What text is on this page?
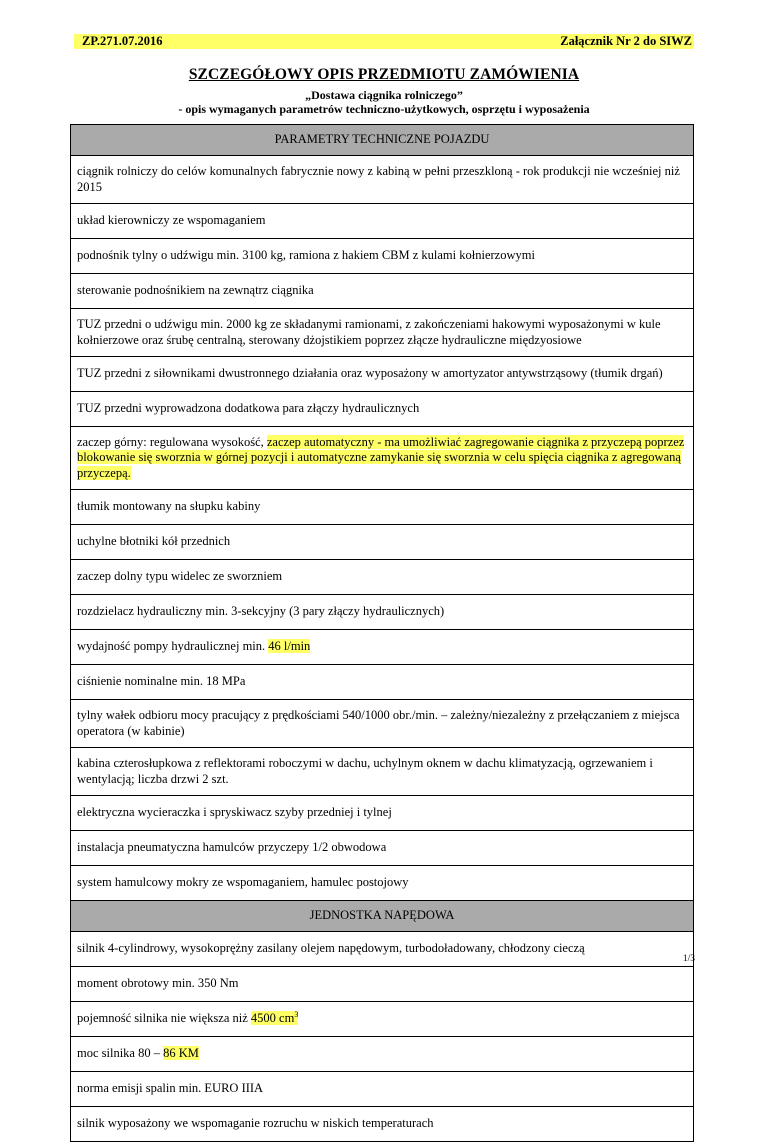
ZP.271.07.2016	Załącznik Nr 2 do SIWZ
SZCZEGÓŁOWY OPIS PRZEDMIOTU ZAMÓWIENIA
„Dostawa ciągnika rolniczego”
- opis wymaganych parametrów techniczno-użytkowych, osprzętu i wyposażenia
PARAMETRY TECHNICZNE POJAZDU
ciągnik rolniczy do celów komunalnych fabrycznie nowy z kabiną w pełni przeszkloną - rok produkcji nie wcześniej niż 2015
układ kierowniczy ze wspomaganiem
podnośnik tylny o udźwigu min. 3100 kg, ramiona z hakiem CBM z kulami kołnierzowymi
sterowanie podnośnikiem na zewnątrz ciągnika
TUZ przedni o udźwigu min. 2000 kg ze składanymi ramionami, z zakończeniami hakowymi wyposażonymi w kule kołnierzowe oraz śrubę centralną, sterowany dżojstikiem poprzez złącze hydrauliczne międzyosiowe
TUZ przedni z siłownikami dwustronnego działania oraz wyposażony w amortyzator antywstrząsowy (tłumik drgań)
TUZ przedni wyprowadzona dodatkowa para złączy hydraulicznych
zaczep górny: regulowana wysokość, zaczep automatyczny - ma umożliwiać zagregowanie ciągnika z przyczepą poprzez blokowanie się sworznia w górnej pozycji i automatyczne zamykanie się sworznia w celu spięcia ciągnika z agregowaną przyczepą.
tłumik montowany na słupku kabiny
uchylne błotniki kół przednich
zaczep dolny typu widelec ze sworzniem
rozdzielacz hydrauliczny min. 3-sekcyjny (3 pary złączy hydraulicznych)
wydajność pompy hydraulicznej min. 46 l/min
ciśnienie nominalne min. 18 MPa
tylny wałek odbioru mocy pracujący z prędkościami 540/1000 obr./min. – zależny/niezależny z przełączaniem z miejsca operatora (w kabinie)
kabina czterosłupkowa z reflektorami roboczymi w dachu, uchylnym oknem w dachu klimatyzacją, ogrzewaniem i wentylacją; liczba drzwi 2 szt.
elektryczna wycieraczka i spryskiwacz szyby przedniej i tylnej
instalacja pneumatyczna hamulców przyczepy 1/2 obwodowa
system hamulcowy mokry ze wspomaganiem, hamulec postojowy
JEDNOSTKA NAPĘDOWA
silnik 4-cylindrowy, wysokoprężny zasilany olejem napędowym, turbodoładowany, chłodzony cieczą
moment obrotowy min. 350 Nm
pojemność silnika nie większa niż 4500 $cm^3$
moc silnika 80 – 86 KM
norma emisji spalin min. EURO IIIA
silnik wyposażony we wspomaganie rozruchu w niskich temperaturach
1/3
